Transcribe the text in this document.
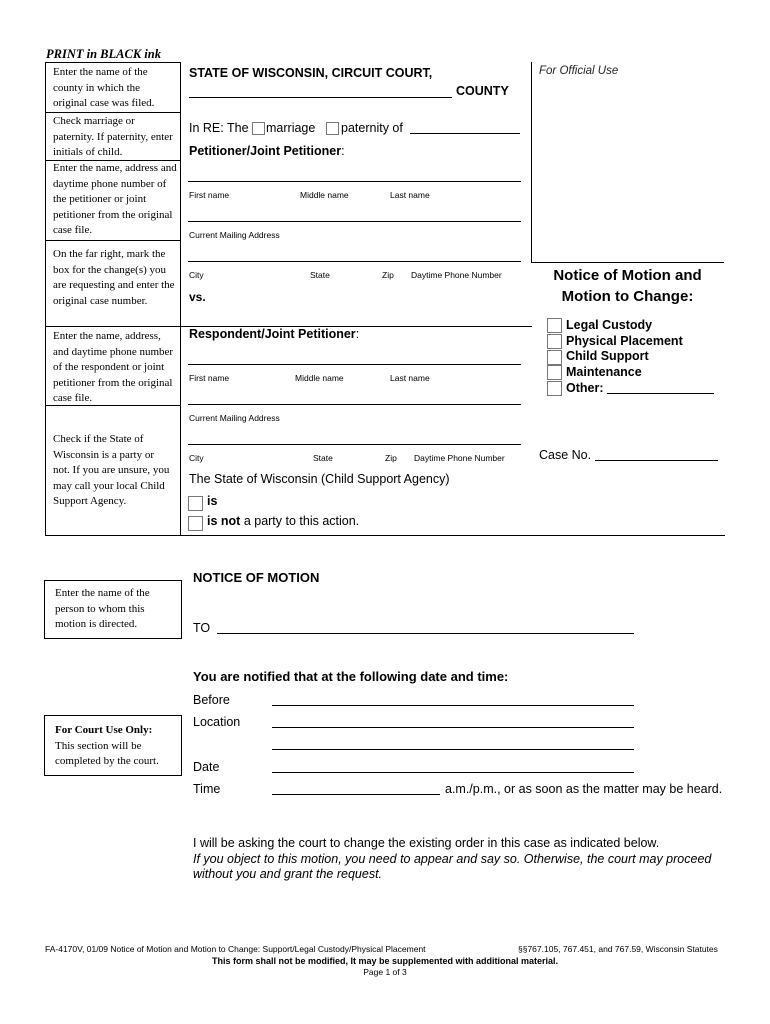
PRINT in BLACK ink
Enter the name of the county in which the original case was filed.
Check marriage or paternity. If paternity, enter initials of child.
Enter the name, address and daytime phone number of the petitioner or joint petitioner from the original case file.
On the far right, mark the box for the change(s) you are requesting and enter the original case number.
Enter the name, address, and daytime phone number of the respondent or joint petitioner from the original case file.
Check if the State of Wisconsin is a party or not. If you are unsure, you may call your local Child Support Agency.
STATE OF WISCONSIN, CIRCUIT COURT,
COUNTY
For Official Use
In RE: The marriage paternity of
Petitioner/Joint Petitioner:
First name	Middle name	Last name
Current Mailing Address
City	State	Zip Daytime Phone Number
vs.
Respondent/Joint Petitioner:
First name	Middle name	Last name
Current Mailing Address
City	State	Zip Daytime Phone Number
The State of Wisconsin (Child Support Agency)
is
is not a party to this action.
Notice of Motion and
Motion to Change:
Legal Custody
Physical Placement
Child Support
Maintenance
Other:
Case No.
Enter the name of the person to whom this motion is directed.
NOTICE OF MOTION
TO
You are notified that at the following date and time:
For Court Use Only:
This section will be completed by the court.
Before
Location
Date
Time	a.m./p.m., or as soon as the matter may be heard.
I will be asking the court to change the existing order in this case as indicated below.
If you object to this motion, you need to appear and say so. Otherwise, the court may proceed
without you and grant the request.
FA-4170V, 01/09 Notice of Motion and Motion to Change: Support/Legal Custody/Physical Placement	§§767.105, 767.451, and 767.59, Wisconsin Statutes
This form shall not be modified, It may be supplemented with additional material.
Page 1 of 3
